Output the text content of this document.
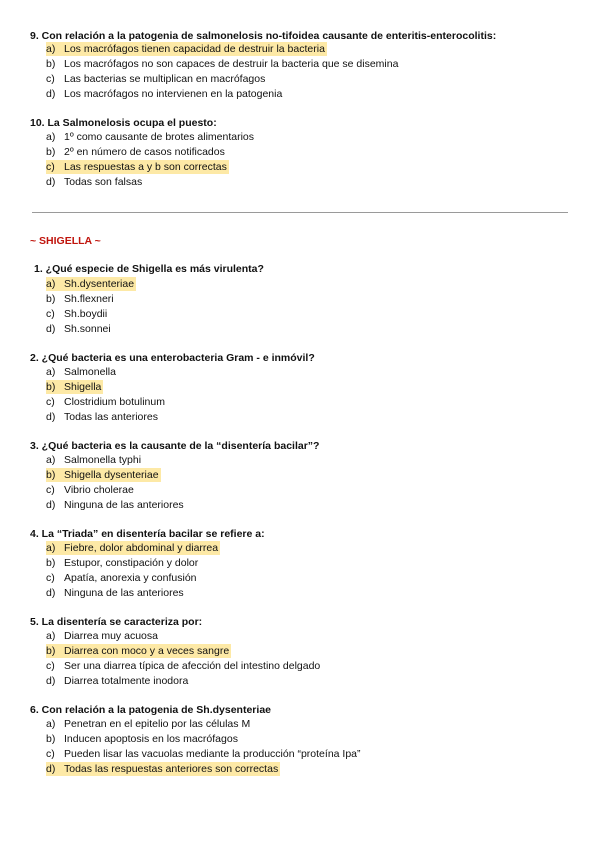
9. Con relación a la patogenia de salmonelosis no-tifoidea causante de enteritis-enterocolitis:
a) Los macrófagos tienen capacidad de destruir la bacteria
b) Los macrófagos no son capaces de destruir la bacteria que se disemina
c) Las bacterias se multiplican en macrófagos
d) Los macrófagos no intervienen en la patogenia
10. La Salmonelosis ocupa el puesto:
a) 1º como causante de brotes alimentarios
b) 2º en número de casos notificados
c) Las respuestas a y b son correctas
d) Todas son falsas
~ SHIGELLA ~
1. ¿Qué especie de Shigella es más virulenta?
a) Sh.dysenteriae
b) Sh.flexneri
c) Sh.boydii
d) Sh.sonnei
2. ¿Qué bacteria es una enterobacteria Gram - e inmóvil?
a) Salmonella
b) Shigella
c) Clostridium botulinum
d) Todas las anteriores
3. ¿Qué bacteria es la causante de la “disentería bacilar”?
a) Salmonella typhi
b) Shigella dysenteriae
c) Vibrio cholerae
d) Ninguna de las anteriores
4. La “Triada” en disentería bacilar se refiere a:
a) Fiebre, dolor abdominal y diarrea
b) Estupor, constipación y dolor
c) Apatía, anorexia y confusión
d) Ninguna de las anteriores
5. La disentería se caracteriza por:
a) Diarrea muy acuosa
b) Diarrea con moco y a veces sangre
c) Ser una diarrea típica de afección del intestino delgado
d) Diarrea totalmente inodora
6. Con relación a la patogenia de Sh.dysenteriae
a) Penetran en el epitelio por las células M
b) Inducen apoptosis en los macrófagos
c) Pueden lisar las vacuolas mediante la producción “proteína Ipa”
d) Todas las respuestas anteriores son correctas
